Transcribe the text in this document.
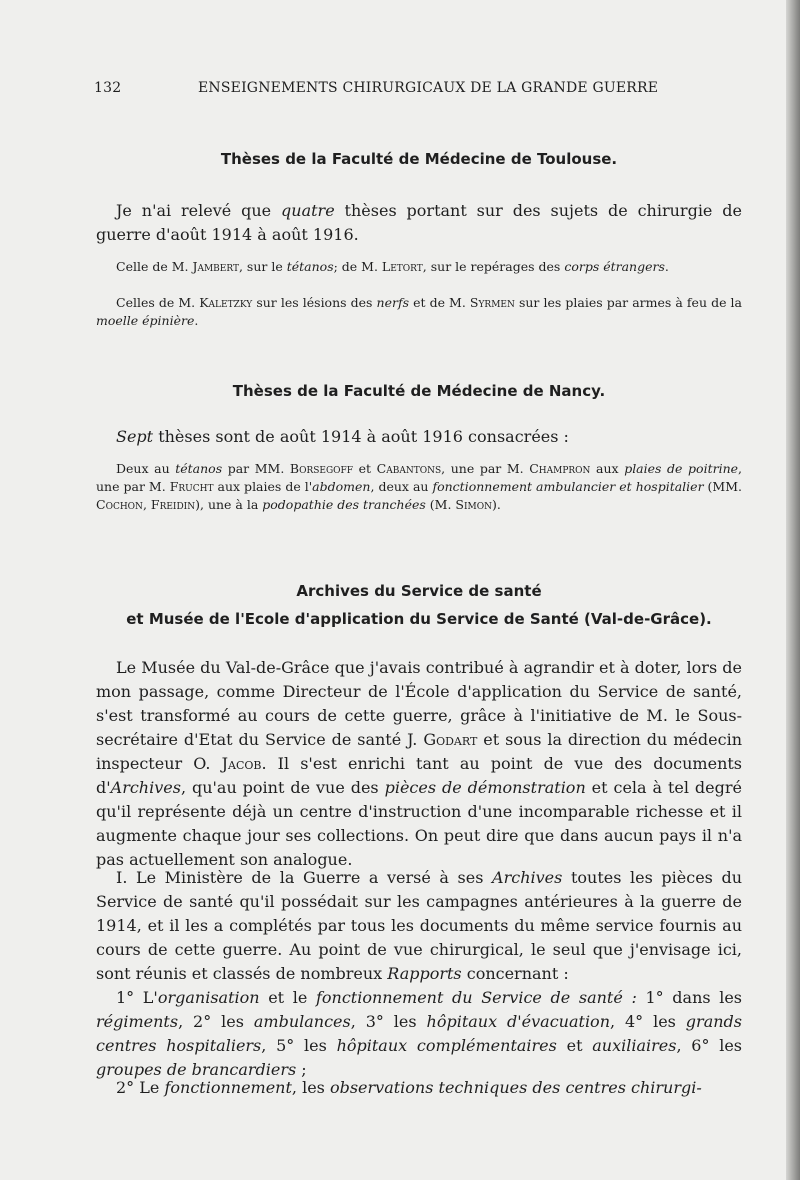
132	ENSEIGNEMENTS CHIRURGICAUX DE LA GRANDE GUERRE
Thèses de la Faculté de Médecine de Toulouse.

Je n'ai relevé que quatre thèses portant sur des sujets de chirurgie de guerre d'août 1914 à août 1916.

Celle de M. Jambert, sur le tétanos; de M. Letort, sur le repérages des corps étrangers.

Celles de M. Kaletzky sur les lésions des nerfs et de M. Syrmen sur les plaies par armes à feu de la moelle épinière.

Thèses de la Faculté de Médecine de Nancy.

Sept thèses sont de août 1914 à août 1916 consacrées :

Deux au tétanos par MM. Borsegoff et Cabantons, une par M. Champron aux plaies de poitrine, une par M. Frucht aux plaies de l'abdomen, deux au fonctionnement ambulancier et hospitalier (MM. Cochon, Freidin), une à la podopathie des tranchées (M. Simon).

Archives du Service de santé
et Musée de l'Ecole d'application du Service de Santé (Val-de-Grâce).

Le Musée du Val-de-Grâce que j'avais contribué à agrandir et à doter, lors de mon passage, comme Directeur de l'École d'application du Service de santé, s'est transformé au cours de cette guerre, grâce à l'initiative de M. le Sous-secrétaire d'Etat du Service de santé J. Godart et sous la direction du médecin inspecteur O. Jacob. Il s'est enrichi tant au point de vue des documents d'Archives, qu'au point de vue des pièces de démonstration et cela à tel degré qu'il représente déjà un centre d'instruction d'une incomparable richesse et il augmente chaque jour ses collections. On peut dire que dans aucun pays il n'a pas actuellement son analogue.

I. Le Ministère de la Guerre a versé à ses Archives toutes les pièces du Service de santé qu'il possédait sur les campagnes antérieures à la guerre de 1914, et il les a complétés par tous les documents du même service fournis au cours de cette guerre. Au point de vue chirurgical, le seul que j'envisage ici, sont réunis et classés de nombreux Rapports concernant :

1° L'organisation et le fonctionnement du Service de santé : 1° dans les régiments, 2° les ambulances, 3° les hôpitaux d'évacuation, 4° les grands centres hospitaliers, 5° les hôpitaux complémentaires et auxiliaires, 6° les groupes de brancardiers ;

2° Le fonctionnement, les observations techniques des centres chirurgi-
